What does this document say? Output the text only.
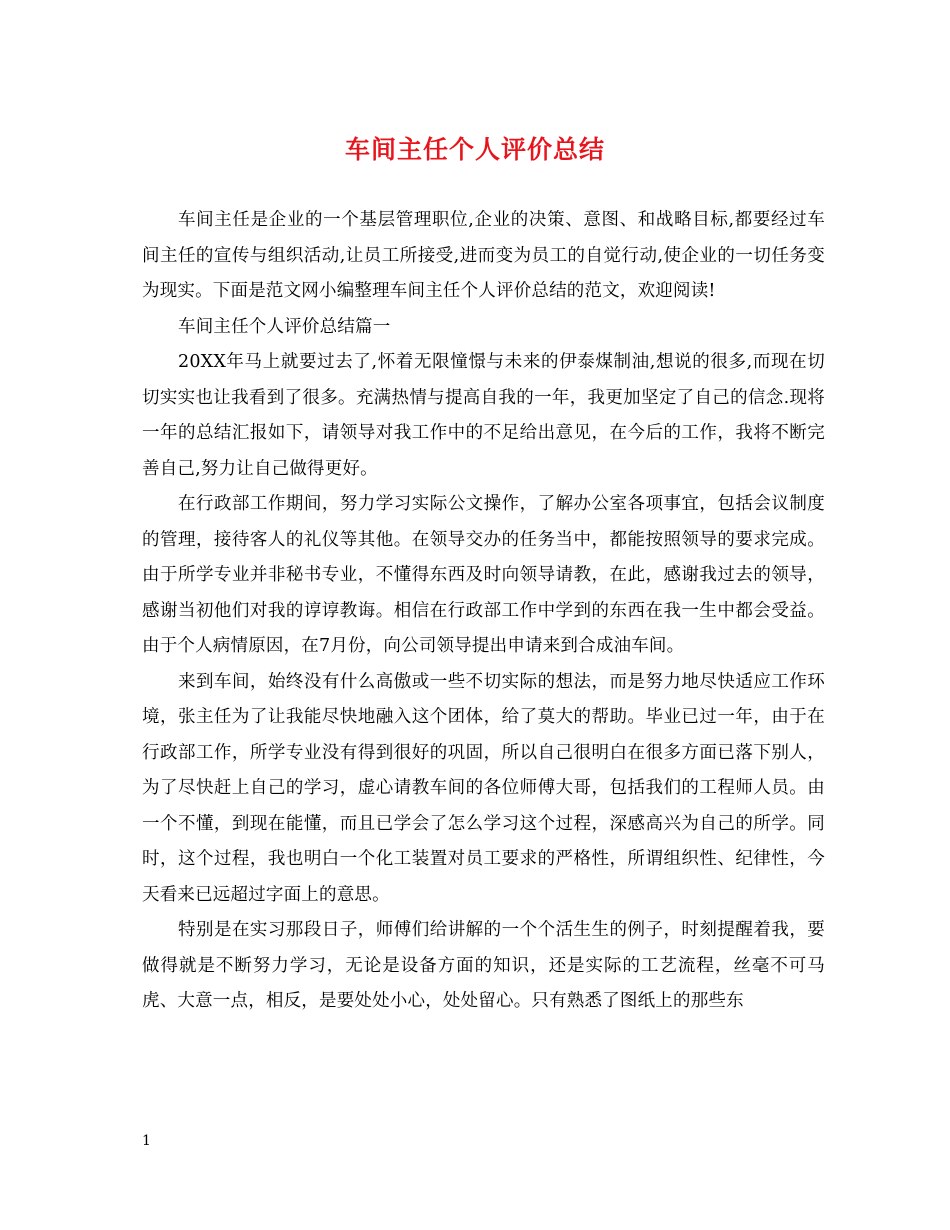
车间主任个人评价总结

车间主任是企业的一个基层管理职位,企业的决策、意图、和战略目标,都要经过车间主任的宣传与组织活动,让员工所接受,进而变为员工的自觉行动,使企业的一切任务变为现实。下面是范文网小编整理车间主任个人评价总结的范文，欢迎阅读!

车间主任个人评价总结篇一

20XX年马上就要过去了,怀着无限憧憬与未来的伊泰煤制油,想说的很多,而现在切切实实也让我看到了很多。充满热情与提高自我的一年，我更加坚定了自己的信念.现将一年的总结汇报如下，请领导对我工作中的不足给出意见，在今后的工作，我将不断完善自己,努力让自己做得更好。

在行政部工作期间，努力学习实际公文操作，了解办公室各项事宜，包括会议制度的管理，接待客人的礼仪等其他。在领导交办的任务当中，都能按照领导的要求完成。由于所学专业并非秘书专业，不懂得东西及时向领导请教，在此，感谢我过去的领导，感谢当初他们对我的谆谆教诲。相信在行政部工作中学到的东西在我一生中都会受益。由于个人病情原因，在7月份，向公司领导提出申请来到合成油车间。

来到车间，始终没有什么高傲或一些不切实际的想法，而是努力地尽快适应工作环境，张主任为了让我能尽快地融入这个团体，给了莫大的帮助。毕业已过一年，由于在行政部工作，所学专业没有得到很好的巩固，所以自己很明白在很多方面已落下别人，为了尽快赶上自己的学习，虚心请教车间的各位师傅大哥，包括我们的工程师人员。由一个不懂，到现在能懂，而且已学会了怎么学习这个过程，深感高兴为自己的所学。同时，这个过程，我也明白一个化工装置对员工要求的严格性，所谓组织性、纪律性，今天看来已远超过字面上的意思。

特别是在实习那段日子，师傅们给讲解的一个个活生生的例子，时刻提醒着我，要做得就是不断努力学习，无论是设备方面的知识，还是实际的工艺流程，丝毫不可马虎、大意一点，相反，是要处处小心，处处留心。只有熟悉了图纸上的那些东

1
